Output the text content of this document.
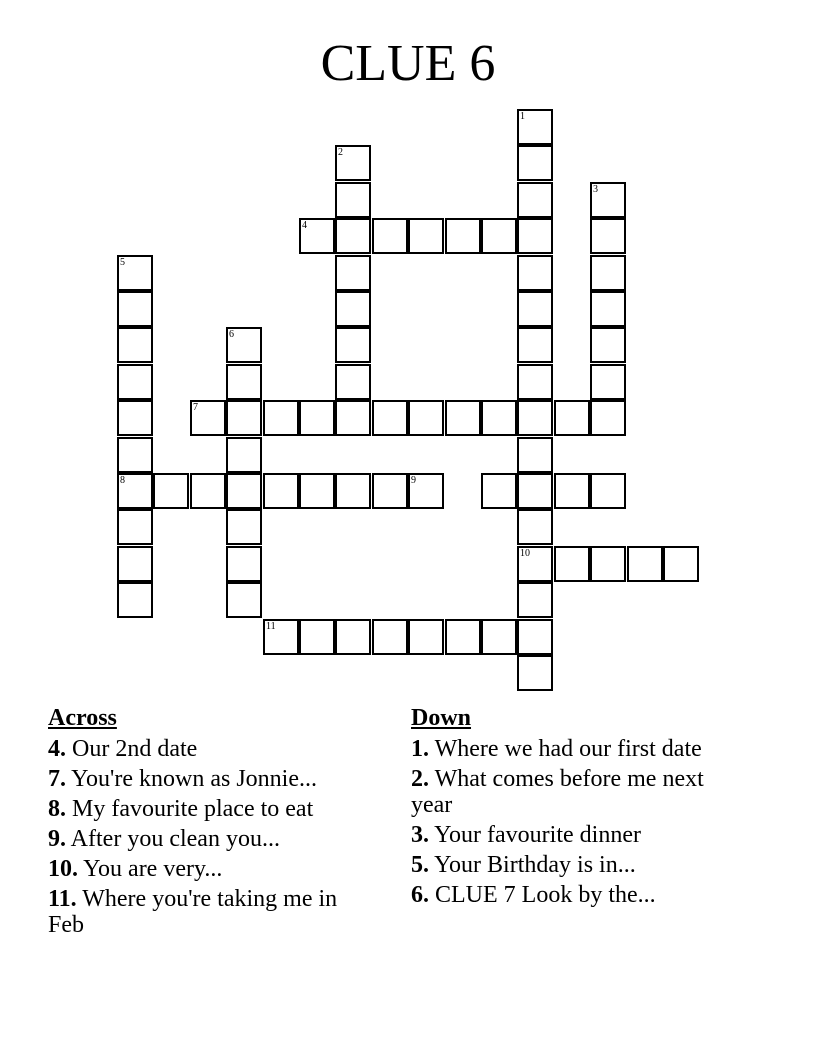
CLUE 6
1
10
2
3
4
5
8
6
7
9
11
Across
4. Our 2nd date
7. You're known as Jonnie...
8. My favourite place to eat
9. After you clean you...
10. You are very...
11. Where you're taking me in Feb
Down
1. Where we had our first date
2. What comes before me next year
3. Your favourite dinner
5. Your Birthday is in...
6. CLUE 7 Look by the...
